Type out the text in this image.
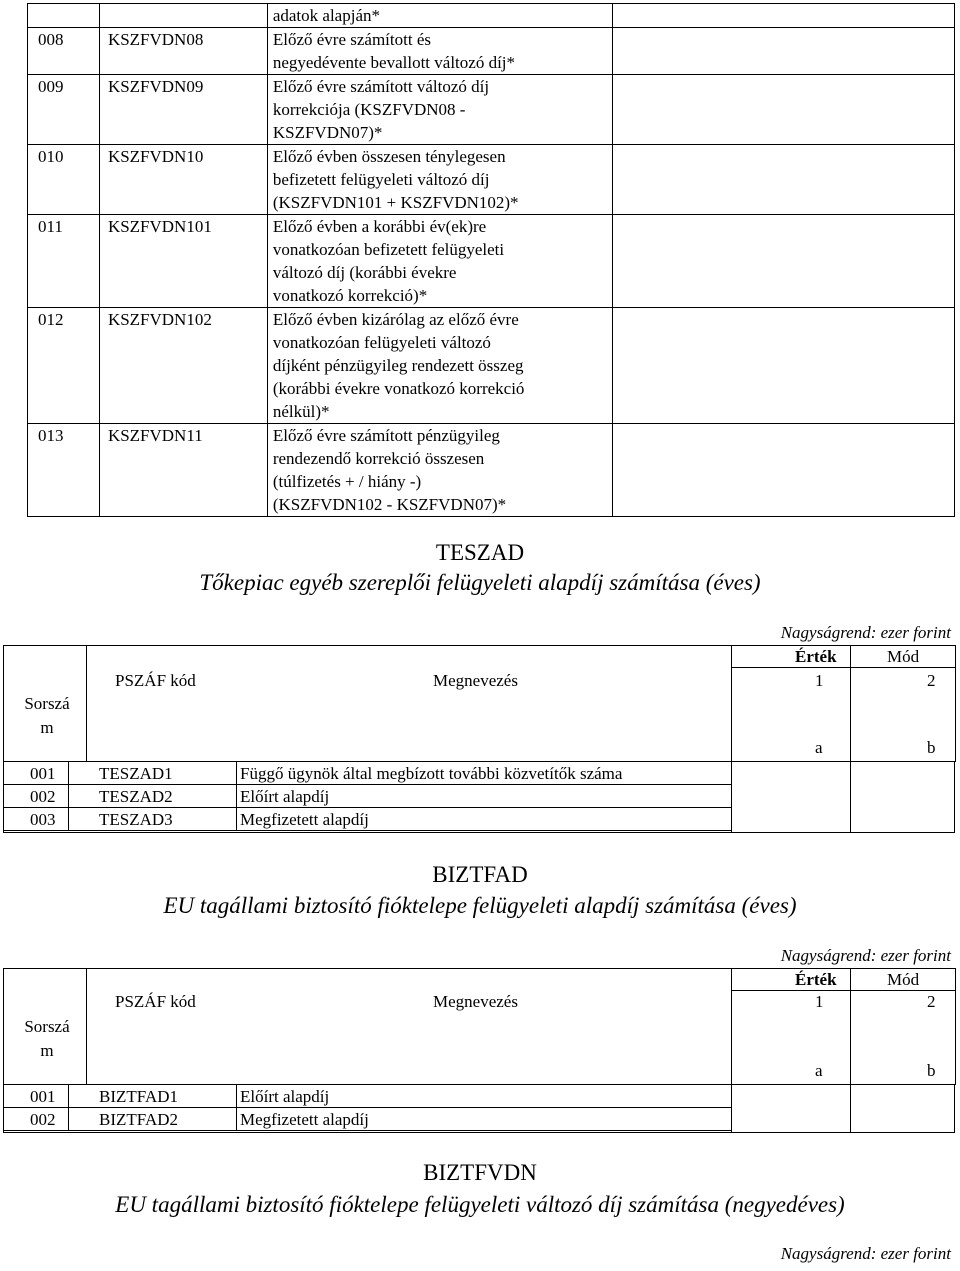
		adatok alapján*	

008	KSZFVDN08	Előző évre számított és
negyedévente bevallott változó díj*	

009	KSZFVDN09	Előző évre számított változó díj
korrekciója (KSZFVDN08 -
KSZFVDN07)*	

010	KSZFVDN10	Előző évben összesen ténylegesen
befizetett felügyeleti változó díj
(KSZFVDN101 + KSZFVDN102)*	

011	KSZFVDN101	Előző évben a korábbi év(ek)re
vonatkozóan befizetett felügyeleti
változó díj (korábbi évekre
vonatkozó korrekció)*	

012	KSZFVDN102	Előző évben kizárólag az előző évre
vonatkozóan felügyeleti változó
díjként pénzügyileg rendezett összeg
(korábbi évekre vonatkozó korrekció
nélkül)*	

013	KSZFVDN11	Előző évre számított pénzügyileg
rendezendő korrekció összesen
(túlfizetés + / hiány -)
(KSZFVDN102 - KSZFVDN07)*	

TESZAD
Tőkepiac egyéb szereplői felügyeleti alapdíj számítása (éves)
Nagyságrend: ezer forint
Sorszá
m
PSZÁF kód	Megnevezés
Érték	Mód
1	2
a	b
001	TESZAD1	Függő ügynök által megbízott további közvetítők száma
002	TESZAD2	Előírt alapdíj
003	TESZAD3	Megfizetett alapdíj
BIZTFAD
EU tagállami biztosító fióktelepe felügyeleti alapdíj számítása (éves)
Nagyságrend: ezer forint
Sorszá
m
PSZÁF kód	Megnevezés
Érték	Mód
1	2
a	b
001	BIZTFAD1	Előírt alapdíj
002	BIZTFAD2	Megfizetett alapdíj
BIZTFVDN
EU tagállami biztosító fióktelepe felügyeleti változó díj számítása (negyedéves)
Nagyságrend: ezer forint
